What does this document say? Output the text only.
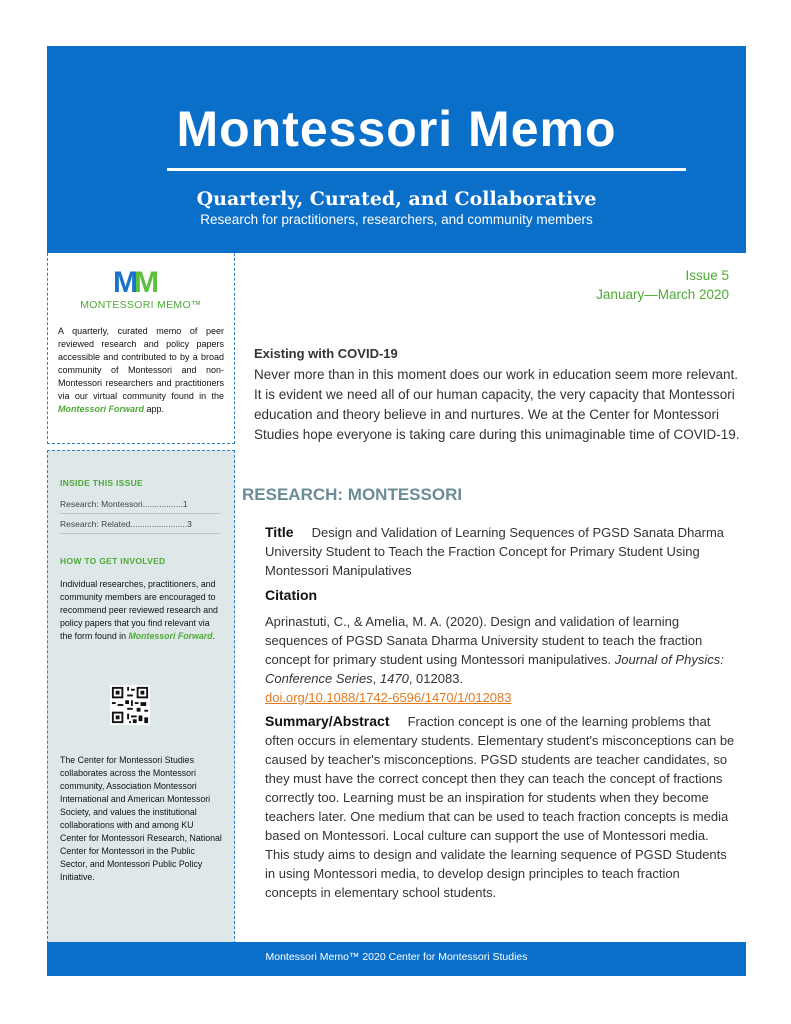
Montessori Memo
Quarterly, Curated, and Collaborative
Research for practitioners, researchers, and community members
MM
MONTESSORI MEMO™
A quarterly, curated memo of peer reviewed research and policy papers accessible and contributed to by a broad community of Montessori and non-Montessori researchers and practitioners via our virtual community found in the Montessori Forward app.
INSIDE THIS ISSUE
Research: Montessori.................1
Research: Related........................3
HOW TO GET INVOLVED
Individual researches, practitioners, and community members are encouraged to recommend peer reviewed research and policy papers that you find relevant via the form found in Montessori Forward.
The Center for Montessori Studies collaborates across the Montessori community, Association Montessori International and American Montessori Society, and values the institutional collaborations with and among KU Center for Montessori Research, National Center for Montessori in the Public Sector, and Montessori Public Policy Initiative.
Issue 5
January—March 2020
Existing with COVID-19
Never more than in this moment does our work in education seem more relevant. It is evident we need all of our human capacity, the very capacity that Montessori education and theory believe in and nurtures. We at the Center for Montessori Studies hope everyone is taking care during this unimaginable time of COVID-19.
RESEARCH: MONTESSORI
Title Design and Validation of Learning Sequences of PGSD Sanata Dharma University Student to Teach the Fraction Concept for Primary Student Using Montessori Manipulatives
Citation
Aprinastuti, C., & Amelia, M. A. (2020). Design and validation of learning sequences of PGSD Sanata Dharma University student to teach the fraction concept for primary student using Montessori manipulatives. Journal of Physics: Conference Series, 1470, 012083.
doi.org/10.1088/1742-6596/1470/1/012083
Summary/Abstract Fraction concept is one of the learning problems that often occurs in elementary students. Elementary student's misconceptions can be caused by teacher's misconceptions. PGSD students are teacher candidates, so they must have the correct concept then they can teach the concept of fractions correctly too. Learning must be an inspiration for students when they become teachers later. One medium that can be used to teach fraction concepts is media based on Montessori. Local culture can support the use of Montessori media. This study aims to design and validate the learning sequence of PGSD Students in using Montessori media, to develop design principles to teach fraction concepts in elementary school students.
Montessori Memo™ 2020 Center for Montessori Studies
